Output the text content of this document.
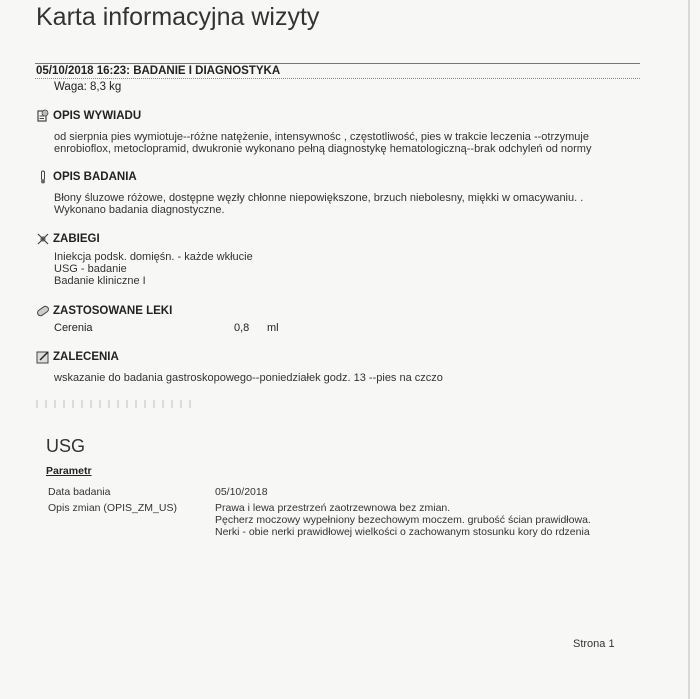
Karta informacyjna wizyty
05/10/2018 16:23: BADANIE I DIAGNOSTYKA
Waga: 8,3 kg
OPIS WYWIADU
od sierpnia pies wymiotuje--różne natężenie, intensywnośc , częstotliwość, pies w trakcie leczenia --otrzymuje
enrobioflox, metoclopramid, dwukronie wykonano pełną diagnostykę hematologiczną--brak odchyleń od normy
OPIS BADANIA
Błony śluzowe różowe, dostępne węzły chłonne niepowiększone, brzuch niebolesny, miękki w omacywaniu. .
Wykonano badania diagnostyczne.
ZABIEGI
Iniekcja podsk. domięśn. - każde wkłucie
USG - badanie
Badanie kliniczne I
ZASTOSOWANE LEKI
Cerenia	0,8 ml
ZALECENIA
wskazanie do badania gastroskopowego--poniedziałek godz. 13 --pies na czczo
USG
Parametr
Data badania	05/10/2018
Opis zmian (OPIS_ZM_US)	Prawa i lewa przestrzeń zaotrzewnowa bez zmian.
Pęcherz moczowy wypełniony bezechowym moczem. grubość ścian prawidłowa.
Nerki - obie nerki prawidłowej wielkości o zachowanym stosunku kory do rdzenia
Strona 1
